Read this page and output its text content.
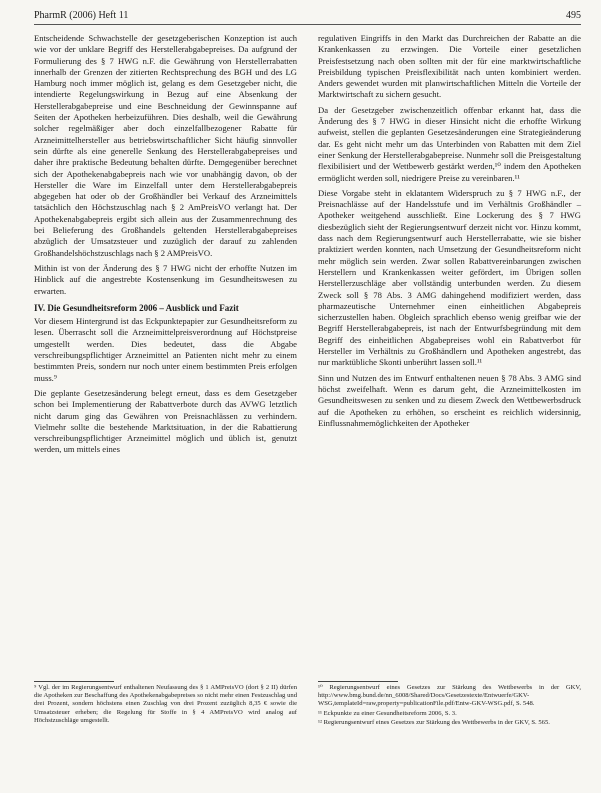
PharmR (2006) Heft 11	495

Entscheidende Schwachstelle der gesetzgeberischen Konzeption ist auch wie vor der unklare Begriff des Herstellerabgabepreises. Da aufgrund der Formulierung des § 7 HWG n.F. die Gewährung von Herstellerrabatten innerhalb der Grenzen der zitierten Rechtsprechung des BGH und des LG Hamburg noch immer möglich ist, gelang es dem Gesetzgeber nicht, die intendierte Regelungswirkung in Bezug auf eine Absenkung der Herstellerabgabepreise und eine Beschneidung der Gewinnspanne auf Seiten der Apotheken herbeizuführen. Dies deshalb, weil die Gewährung solcher regelmäßiger aber doch einzelfallbezogener Rabatte für Arzneimittelhersteller aus betriebswirtschaftlicher Sicht häufig sinnvoller sein dürfte als eine generelle Senkung des Herstellerabgabepreises und daher ihre praktische Bedeutung behalten dürfte. Demgegenüber berechnet sich der Apothekenabgabepreis nach wie vor unabhängig davon, ob der Hersteller die Ware im Einzelfall unter dem Herstellerabgabepreis abgegeben hat oder ob der Großhändler bei Verkauf des Arzneimittels tatsächlich den Höchstzuschlag nach § 2 AmPreisVO verlangt hat. Der Apothekenabgabepreis ergibt sich allein aus der Zusammenrechnung des bei Belieferung des Großhandels geltenden Herstellerabgabepreises abzüglich der Umsatzsteuer und zuzüglich der darauf zu zahlenden Großhandelshöchstzuschlags nach § 2 AMPreisVO.

Mithin ist von der Änderung des § 7 HWG nicht der erhoffte Nutzen im Hinblick auf die angestrebte Kostensenkung im Gesundheitswesen zu erwarten.

IV. Die Gesundheitsreform 2006 – Ausblick und Fazit

Vor diesem Hintergrund ist das Eckpunktepapier zur Gesundheitsreform zu lesen. Überrascht soll die Arzneimittelpreisverordnung auf Höchstpreise umgestellt werden. Dies bedeutet, dass die Abgabe verschreibungspflichtiger Arzneimittel an Patienten nicht mehr zu einem bestimmten Preis, sondern nur noch unter einem bestimmten Preis erfolgen muss.⁹

Die geplante Gesetzesänderung belegt erneut, dass es dem Gesetzgeber schon bei Implementierung der Rabattverbote durch das AVWG letztlich nicht darum ging das Gewähren von Preisnachlässen zu verhindern. Vielmehr sollte die bestehende Marktsituation, in der die Rabattierung verschreibungspflichtiger Arzneimittel möglich und üblich ist, genutzt werden, um mittels eines

regulativen Eingriffs in den Markt das Durchreichen der Rabatte an die Krankenkassen zu erzwingen. Die Vorteile einer gesetzlichen Preisfestsetzung nach oben sollten mit der für eine marktwirtschaftliche Preisbildung typischen Preisflexibilität nach unten kombiniert werden. Anders gewendet wurden mit planwirtschaftlichen Mitteln die Vorteile der Marktwirtschaft zu sichern gesucht.

Da der Gesetzgeber zwischenzeitlich offenbar erkannt hat, dass die Änderung des § 7 HWG in dieser Hinsicht nicht die erhoffte Wirkung aufweist, stellen die geplanten Gesetzesänderungen eine Strategieänderung dar. Es geht nicht mehr um das Unterbinden von Rabatten mit dem Ziel einer Senkung der Herstellerabgabepreise. Nunmehr soll die Preisgestaltung flexibilisiert und der Wettbewerb gestärkt werden,¹⁰ indem den Apotheken ermöglicht werden soll, niedrigere Preise zu vereinbaren.¹¹

Diese Vorgabe steht in eklatantem Widerspruch zu § 7 HWG n.F., der Preisnachlässe auf der Handelsstufe und im Verhältnis Großhändler – Apotheker weitgehend ausschließt. Eine Lockerung des § 7 HWG diesbezüglich sieht der Regierungsentwurf derzeit nicht vor. Hinzu kommt, dass nach dem Regierungsentwurf auch Herstellerrabatte, wie sie bisher praktiziert werden konnten, nach Umsetzung der Gesundheitsreform nicht mehr möglich sein werden. Zwar sollen Rabattvereinbarungen zwischen Herstellern und Krankenkassen weiter gefördert, im Übrigen sollen Herstellerzuschläge aber vollständig unterbunden werden. Zu diesem Zweck soll § 78 Abs. 3 AMG dahingehend modifiziert werden, dass pharmazeutische Unternehmer einen einheitlichen Abgabepreis sicherzustellen haben. Obgleich sprachlich ebenso wenig greifbar wie der Begriff Herstellerabgabepreis, ist nach der Entwurfsbegründung mit dem Begriff des einheitlichen Abgabepreises wohl ein Rabattverbot für Hersteller im Verhältnis zu Großhändlern und Apotheken angestrebt, das nur marktübliche Skonti unberührt lassen soll.¹¹

Sinn und Nutzen des im Entwurf enthaltenen neuen § 78 Abs. 3 AMG sind höchst zweifelhaft. Wenn es darum geht, die Arzneimittelkosten im Gesundheitswesen zu senken und zu diesem Zweck den Wettbewerbsdruck auf die Apotheken zu erhöhen, so erscheint es reichlich widersinnig, Einflussnahmemöglichkeiten der Apotheker

⁹ Vgl. der im Regierungsentwurf enthaltenen Neufassung des § 1 AMPreisVO (dort § 2 II) dürfen die Apotheken zur Beschaffung des Apothekenabgabepreises so nicht mehr einen Festzuschlag und drei Prozent, sondern höchstens einen Zuschlag von drei Prozent zuzüglich 8,35 € sowie die Umsatzsteuer erheben; die Regelung für Stoffe in § 4 AMPreisVO wird analog auf Höchstzuschläge umgestellt.

¹⁰ Regierungsentwurf eines Gesetzes zur Stärkung des Wettbewerbs in der GKV, http://www.bmg.bund.de/nn_6008/Shared/Docs/Gesetzestexte/Entwuerfe/GKV-WSG,templateId=raw,property=publicationFile.pdf/Entw-GKV-WSG.pdf, S. 548.

¹¹ Eckpunkte zu einer Gesundheitsreform 2006, S. 3.

¹² Regierungsentwurf eines Gesetzes zur Stärkung des Wettbewerbs in der GKV, S. 565.
